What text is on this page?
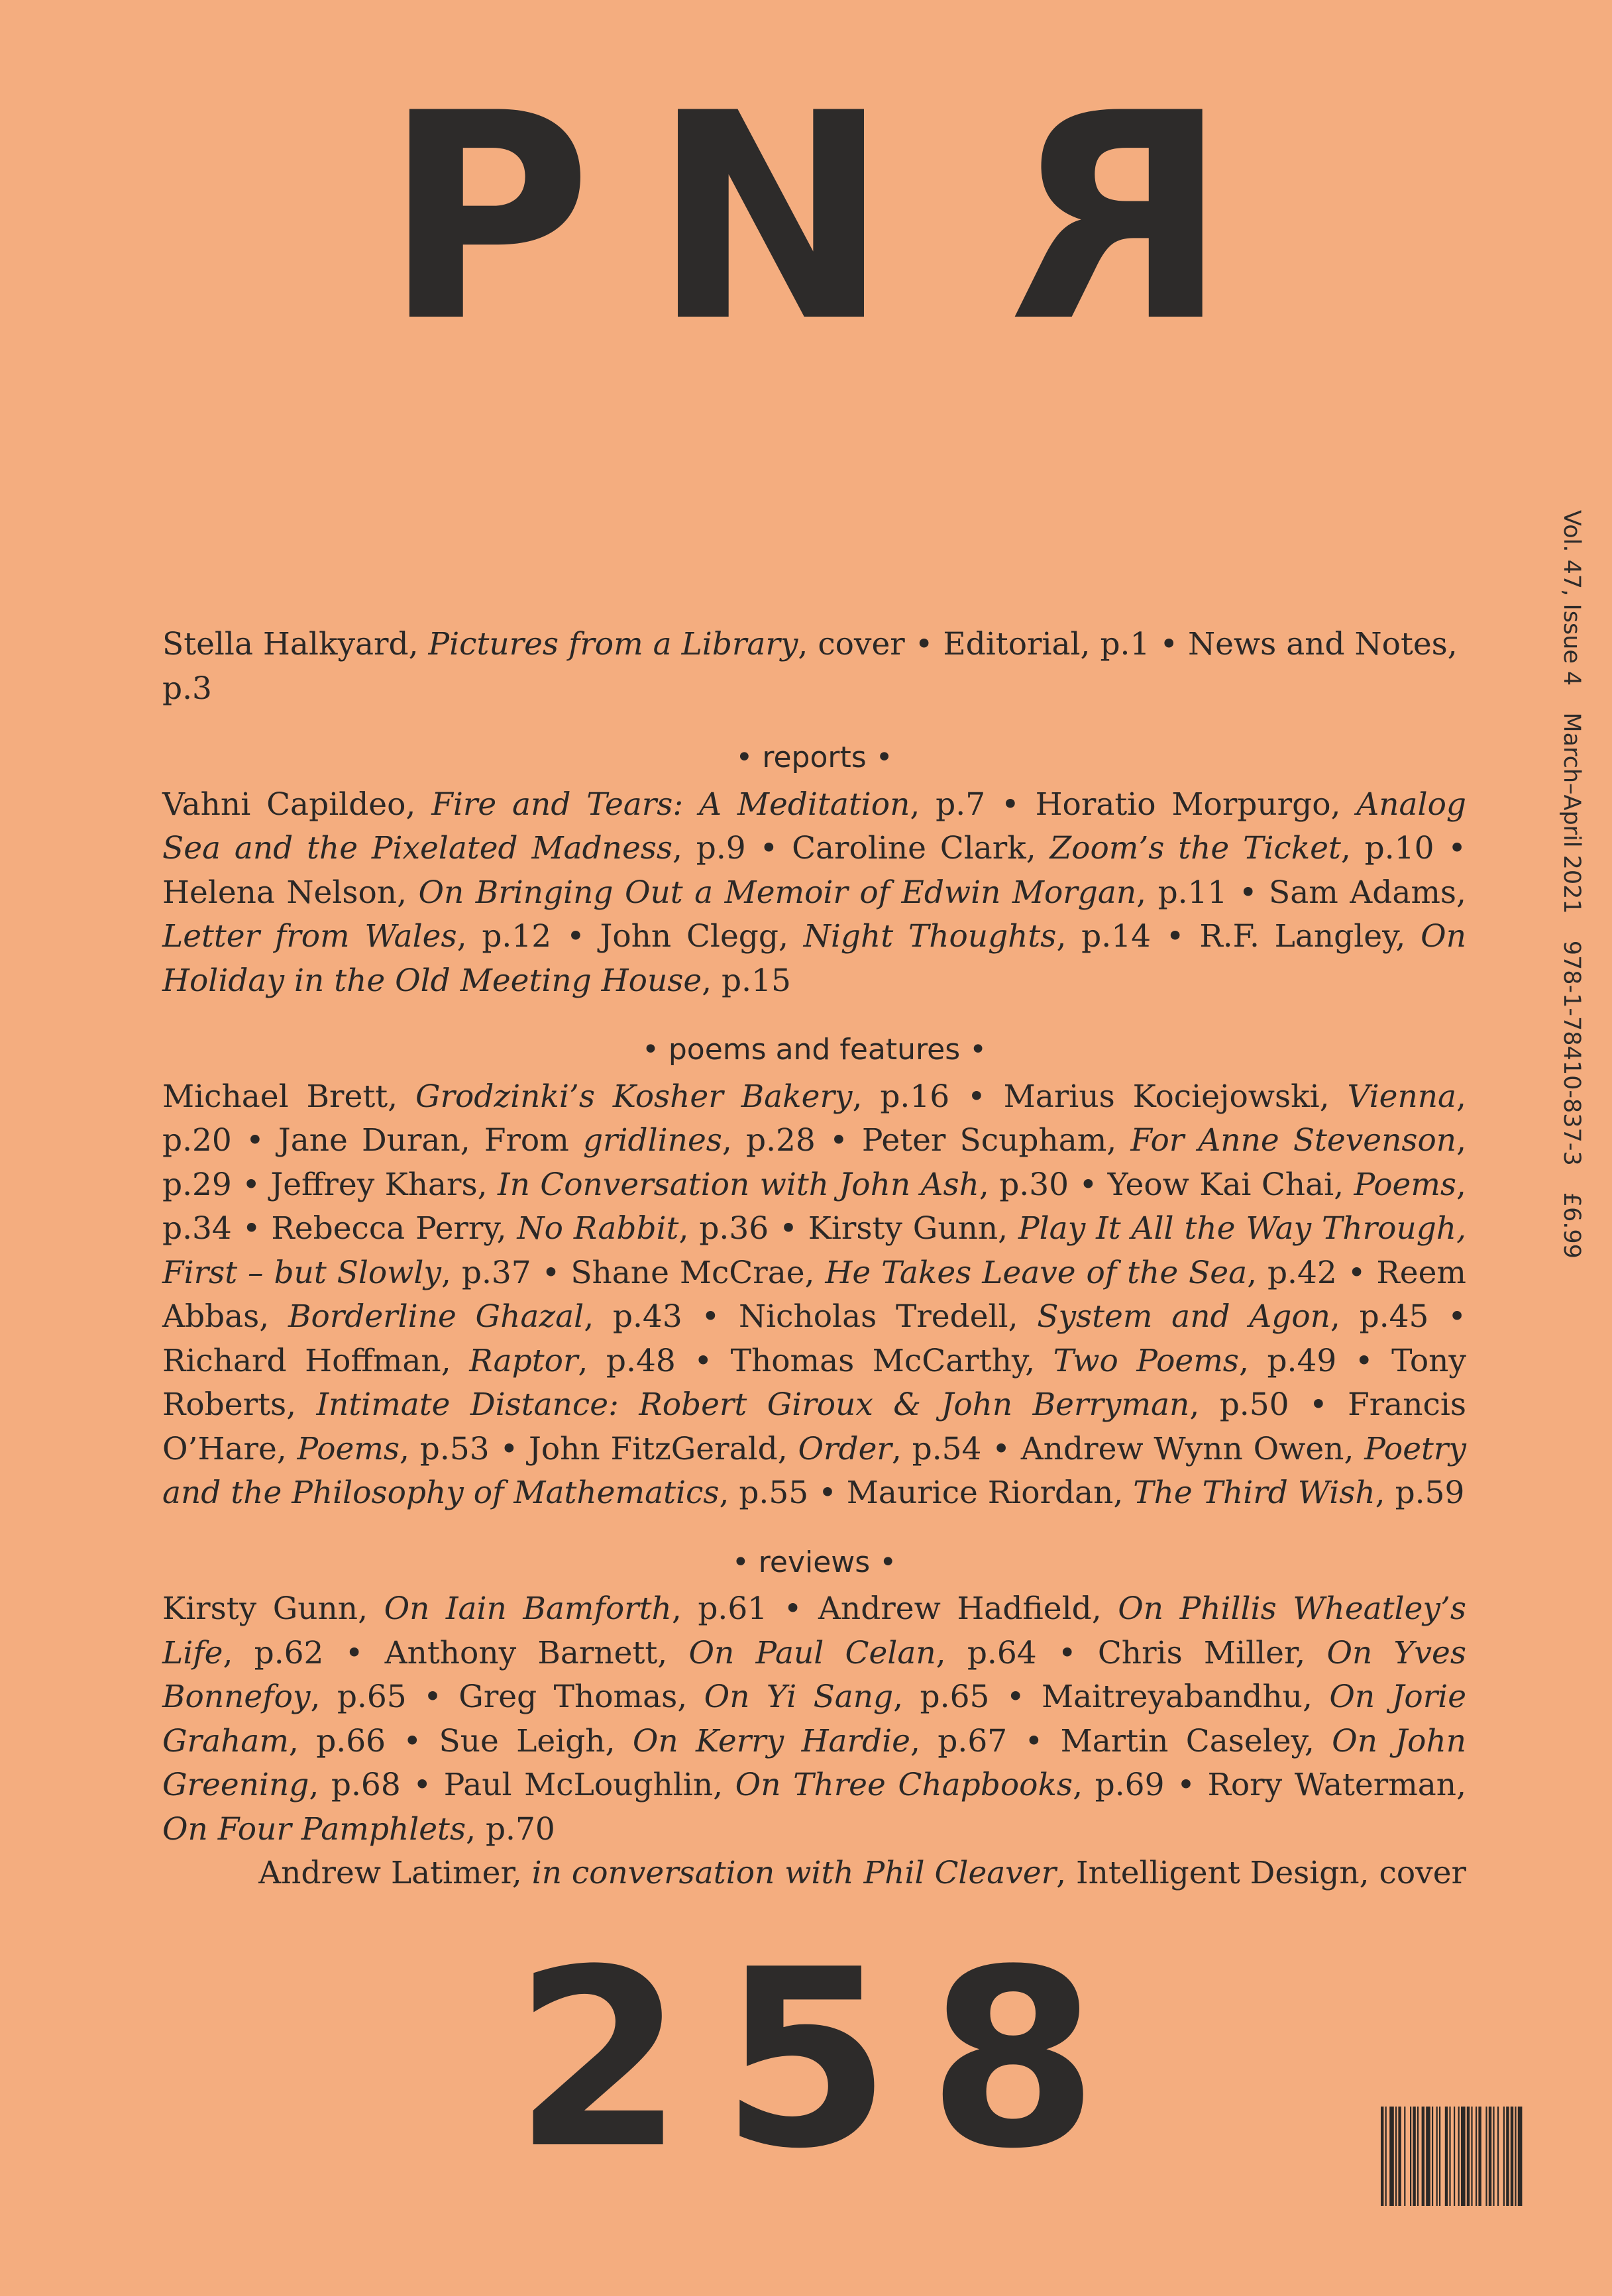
PNR
Vol. 47, Issue 4March–April 2021978-1-78410-837-3£6.99

Stella Halkyard, Pictures from a Library, cover • Editorial, p.1 • News and Notes, p.3

• reports •

Vahni Capildeo, Fire and Tears: A Meditation, p.7 • Horatio Morpurgo, Analog Sea and the Pixelated Madness, p.9 • Caroline Clark, Zoom’s the Ticket, p.10 • Helena Nelson, On Bringing Out a Memoir of Edwin Morgan, p.11 • Sam Adams, Letter from Wales, p.12 • John Clegg, Night Thoughts, p.14 • R.F. Langley, On Holiday in the Old Meeting House, p.15

• poems and features •

Michael Brett, Grodzinki’s Kosher Bakery, p.16 • Marius Kociejowski, Vienna, p.20 • Jane Duran, From gridlines, p.28 • Peter Scupham, For Anne Stevenson, p.29 • Jeffrey Khars, In Conversation with John Ash, p.30 • Yeow Kai Chai, Poems, p.34 • Rebecca Perry, No Rabbit, p.36 • Kirsty Gunn, Play It All the Way Through, First – but Slowly, p.37 • Shane McCrae, He Takes Leave of the Sea, p.42 • Reem Abbas, Borderline Ghazal, p.43 • Nicholas Tredell, System and Agon, p.45 • Richard Hoffman, Raptor, p.48 • Thomas McCarthy, Two Poems, p.49 • Tony Roberts, Intimate Distance: Robert Giroux & John Berryman, p.50 • Francis O’Hare, Poems, p.53 • John FitzGerald, Order, p.54 • Andrew Wynn Owen, Poetry and the Philosophy of Mathematics, p.55 • Maurice Riordan, The Third Wish, p.59

• reviews •

Kirsty Gunn, On Iain Bamforth, p.61 • Andrew Hadfield, On Phillis Wheatley’s Life, p.62 • Anthony Barnett, On Paul Celan, p.64 • Chris Miller, On Yves Bonnefoy, p.65 • Greg Thomas, On Yi Sang, p.65 • Maitreyabandhu, On Jorie Graham, p.66 • Sue Leigh, On Kerry Hardie, p.67 • Martin Caseley, On John Greening, p.68 • Paul McLoughlin, On Three Chapbooks, p.69 • Rory Waterman, On Four Pamphlets, p.70

Andrew Latimer, in conversation with Phil Cleaver, Intelligent Design, cover

258
